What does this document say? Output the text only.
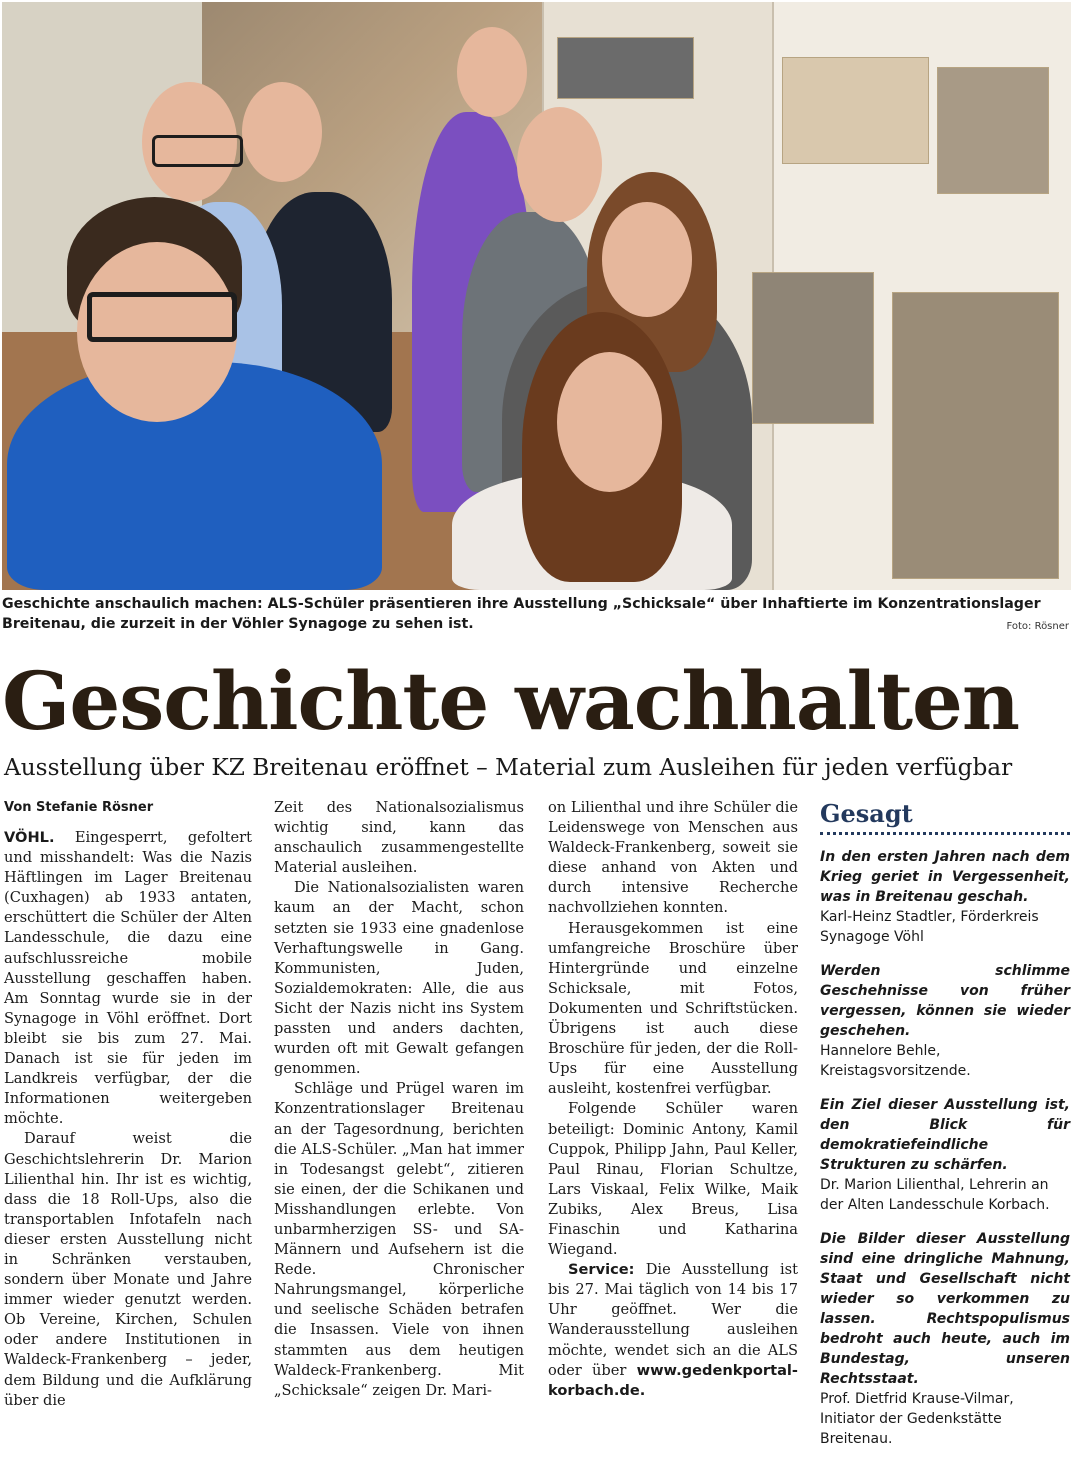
Geschichte anschaulich machen: ALS-Schüler präsentieren ihre Ausstellung „Schicksale“ über Inhaftierte im Konzentrationslager Breitenau, die zurzeit in der Vöhler Synagoge zu sehen ist.	Foto: Rösner
Geschichte wachhalten
Ausstellung über KZ Breitenau eröffnet – Material zum Ausleihen für jeden verfügbar
Von Stefanie Rösner

VÖHL. Eingesperrt, gefoltert und misshandelt: Was die Nazis Häftlingen im Lager Breitenau (Cuxhagen) ab 1933 antaten, erschüttert die Schüler der Alten Landesschule, die dazu eine aufschlussreiche mobile Ausstellung geschaffen haben. Am Sonntag wurde sie in der Synagoge in Vöhl eröffnet. Dort bleibt sie bis zum 27. Mai. Danach ist sie für jeden im Landkreis verfügbar, der die Informationen weitergeben möchte.

Darauf weist die Geschichtslehrerin Dr. Marion Lilienthal hin. Ihr ist es wichtig, dass die 18 Roll-Ups, also die transportablen Infotafeln nach dieser ersten Ausstellung nicht in Schränken verstauben, sondern über Monate und Jahre immer wieder genutzt werden. Ob Vereine, Kirchen, Schulen oder andere Institutionen in Waldeck-Frankenberg – jeder, dem Bildung und die Aufklärung über die

Zeit des Nationalsozialismus wichtig sind, kann das anschaulich zusammengestellte Material ausleihen.

Die Nationalsozialisten waren kaum an der Macht, schon setzten sie 1933 eine gnadenlose Verhaftungswelle in Gang. Kommunisten, Juden, Sozialdemokraten: Alle, die aus Sicht der Nazis nicht ins System passten und anders dachten, wurden oft mit Gewalt gefangen genommen.

Schläge und Prügel waren im Konzentrationslager Breitenau an der Tagesordnung, berichten die ALS-Schüler. „Man hat immer in Todesangst gelebt“, zitieren sie einen, der die Schikanen und Misshandlungen erlebte. Von unbarmherzigen SS- und SA-Männern und Aufsehern ist die Rede. Chronischer Nahrungsmangel, körperliche und seelische Schäden betrafen die Insassen. Viele von ihnen stammten aus dem heutigen Waldeck-Frankenberg. Mit „Schicksale“ zeigen Dr. Mari-

on Lilienthal und ihre Schüler die Leidenswege von Menschen aus Waldeck-Frankenberg, soweit sie diese anhand von Akten und durch intensive Recherche nachvollziehen konnten.

Herausgekommen ist eine umfangreiche Broschüre über Hintergründe und einzelne Schicksale, mit Fotos, Dokumenten und Schriftstücken. Übrigens ist auch diese Broschüre für jeden, der die Roll-Ups für eine Ausstellung ausleiht, kostenfrei verfügbar.

Folgende Schüler waren beteiligt: Dominic Antony, Kamil Cuppok, Philipp Jahn, Paul Keller, Paul Rinau, Florian Schultze, Lars Viskaal, Felix Wilke, Maik Zubiks, Alex Breus, Lisa Finaschin und Katharina Wiegand.

Service: Die Ausstellung ist bis 27. Mai täglich von 14 bis 17 Uhr geöffnet. Wer die Wanderausstellung ausleihen möchte, wendet sich an die ALS oder über www.gedenkportal-korbach.de.

Gesagt
In den ersten Jahren nach dem Krieg geriet in Vergessenheit, was in Breitenau geschah.
Karl-Heinz Stadtler, Förderkreis Synagoge Vöhl
Werden schlimme Geschehnisse von früher vergessen, können sie wieder geschehen.
Hannelore Behle, Kreistagsvorsitzende.
Ein Ziel dieser Ausstellung ist, den Blick für demokratiefeindliche Strukturen zu schärfen.
Dr. Marion Lilienthal, Lehrerin an der Alten Landesschule Korbach.
Die Bilder dieser Ausstellung sind eine dringliche Mahnung, Staat und Gesellschaft nicht wieder so verkommen zu lassen. Rechtspopulismus bedroht auch heute, auch im Bundestag, unseren Rechtsstaat.
Prof. Dietfrid Krause-Vilmar, Initiator der Gedenkstätte Breitenau.
